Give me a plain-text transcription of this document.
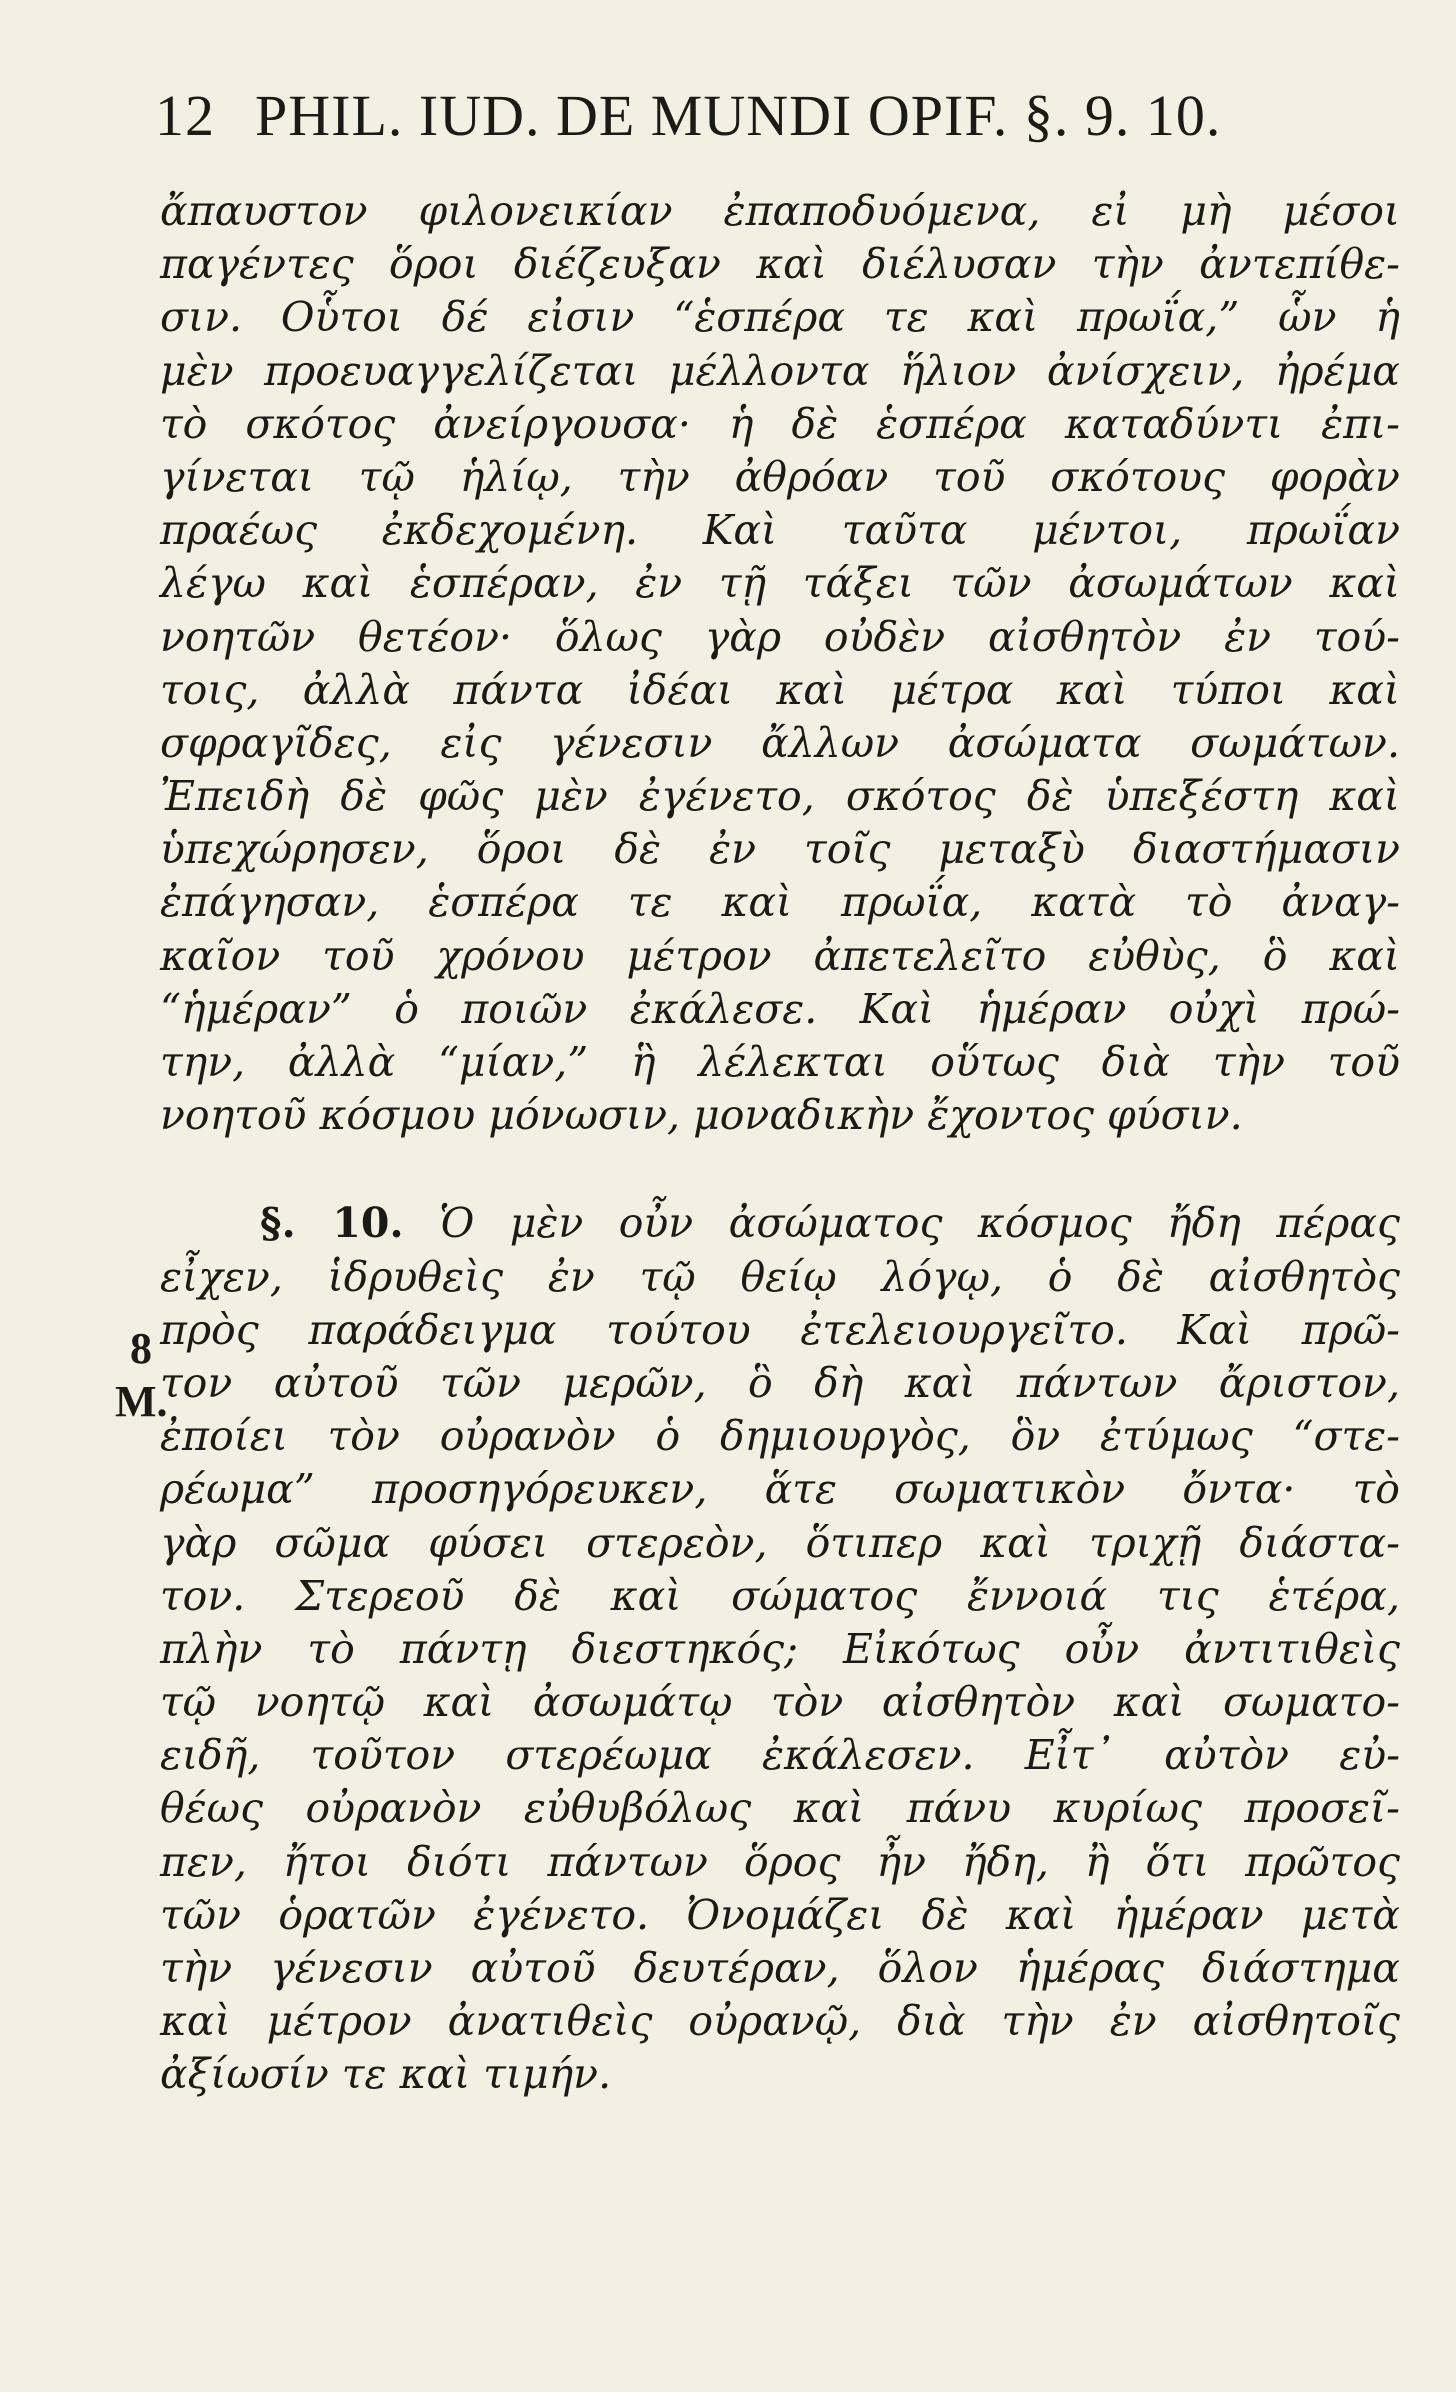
12 PHIL. IUD. DE MUNDI OPIF. §. 9. 10.
ἄπαυστον φιλονεικίαν ἐπαποδυόμενα, εἰ μὴ μέσοι
παγέντες ὅροι διέζευξαν καὶ διέλυσαν τὴν ἀντεπίθε-
σιν. Οὗτοι δέ εἰσιν “ἑσπέρα τε καὶ πρωΐα,” ὧν ἡ
μὲν προευαγγελίζεται μέλλοντα ἥλιον ἀνίσχειν, ἠρέμα
τὸ σκότος ἀνείργουσα· ἡ δὲ ἑσπέρα καταδύντι ἐπι-
γίνεται τῷ ἡλίῳ, τὴν ἀθρόαν τοῦ σκότους φορὰν
πραέως ἐκδεχομένη. Καὶ ταῦτα μέντοι, πρωΐαν
λέγω καὶ ἑσπέραν, ἐν τῇ τάξει τῶν ἀσωμάτων καὶ
νοητῶν θετέον· ὅλως γὰρ οὐδὲν αἰσθητὸν ἐν τού-
τοις, ἀλλὰ πάντα ἰδέαι καὶ μέτρα καὶ τύποι καὶ
σφραγῖδες, εἰς γένεσιν ἄλλων ἀσώματα σωμάτων.
Ἐπειδὴ δὲ φῶς μὲν ἐγένετο, σκότος δὲ ὑπεξέστη καὶ
ὑπεχώρησεν, ὅροι δὲ ἐν τοῖς μεταξὺ διαστήμασιν
ἐπάγησαν, ἑσπέρα τε καὶ πρωΐα, κατὰ τὸ ἀναγ-
καῖον τοῦ χρόνου μέτρον ἀπετελεῖτο εὐθὺς, ὃ καὶ
“ἡμέραν” ὁ ποιῶν ἐκάλεσε. Καὶ ἡμέραν οὐχὶ πρώ-
την, ἀλλὰ “μίαν,” ἣ λέλεκται οὕτως διὰ τὴν τοῦ
νοητοῦ κόσμου μόνωσιν, μοναδικὴν ἔχοντος φύσιν.
§. 10. Ὁ μὲν οὖν ἀσώματος κόσμος ἤδη πέρας
εἶχεν, ἱδρυθεὶς ἐν τῷ θείῳ λόγῳ, ὁ δὲ αἰσθητὸς
πρὸς παράδειγμα τούτου ἐτελειουργεῖτο. Καὶ πρῶ-
τον αὐτοῦ τῶν μερῶν, ὃ δὴ καὶ πάντων ἄριστον,
ἐποίει τὸν οὐρανὸν ὁ δημιουργὸς, ὃν ἐτύμως “στε-
ρέωμα” προσηγόρευκεν, ἅτε σωματικὸν ὄντα· τὸ
γὰρ σῶμα φύσει στερεὸν, ὅτιπερ καὶ τριχῇ διάστα-
τον. Στερεοῦ δὲ καὶ σώματος ἔννοιά τις ἑτέρα,
πλὴν τὸ πάντῃ διεστηκός; Εἰκότως οὖν ἀντιτιθεὶς
τῷ νοητῷ καὶ ἀσωμάτῳ τὸν αἰσθητὸν καὶ σωματο-
ειδῆ, τοῦτον στερέωμα ἐκάλεσεν. Εἶτ᾽ αὐτὸν εὐ-
θέως οὐρανὸν εὐθυβόλως καὶ πάνυ κυρίως προσεῖ-
πεν, ἤτοι διότι πάντων ὅρος ἦν ἤδη, ἢ ὅτι πρῶτος
τῶν ὁρατῶν ἐγένετο. Ὀνομάζει δὲ καὶ ἡμέραν μετὰ
τὴν γένεσιν αὐτοῦ δευτέραν, ὅλον ἡμέρας διάστημα
καὶ μέτρον ἀνατιθεὶς οὐρανῷ, διὰ τὴν ἐν αἰσθητοῖς
ἀξίωσίν τε καὶ τιμήν.
8
M.
